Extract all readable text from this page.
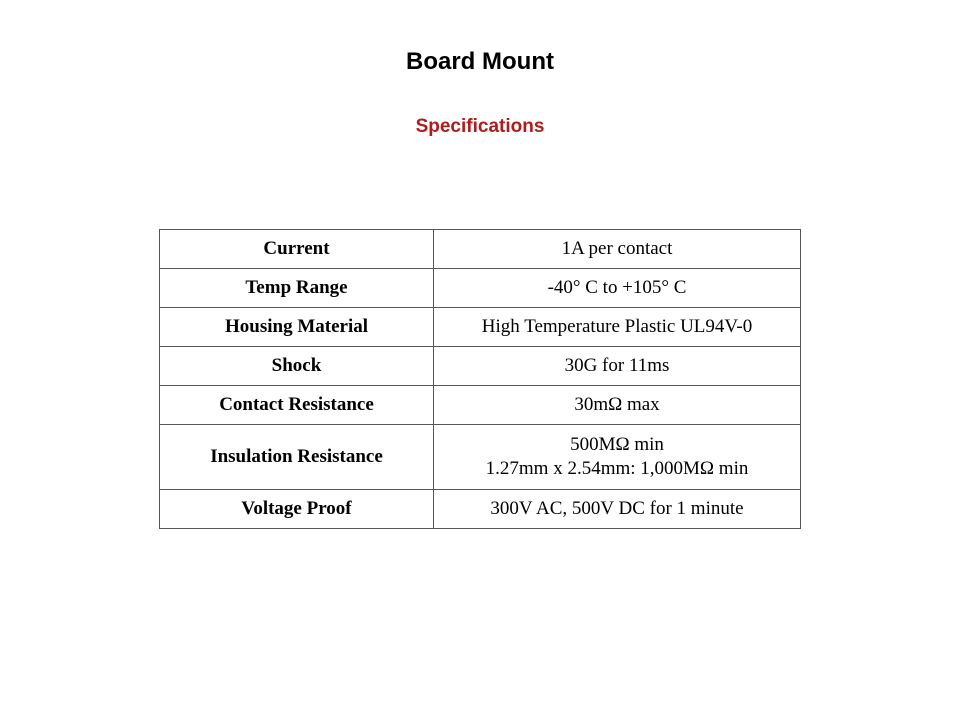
Board Mount
Specifications
Current	1A per contact

Temp Range	-40° C to +105° C

Housing Material	High Temperature Plastic UL94V-0

Shock	30G for 11ms

Contact Resistance	30mΩ max

Insulation Resistance	500MΩ min
1.27mm x 2.54mm: 1,000MΩ min

Voltage Proof	300V AC, 500V DC for 1 minute
